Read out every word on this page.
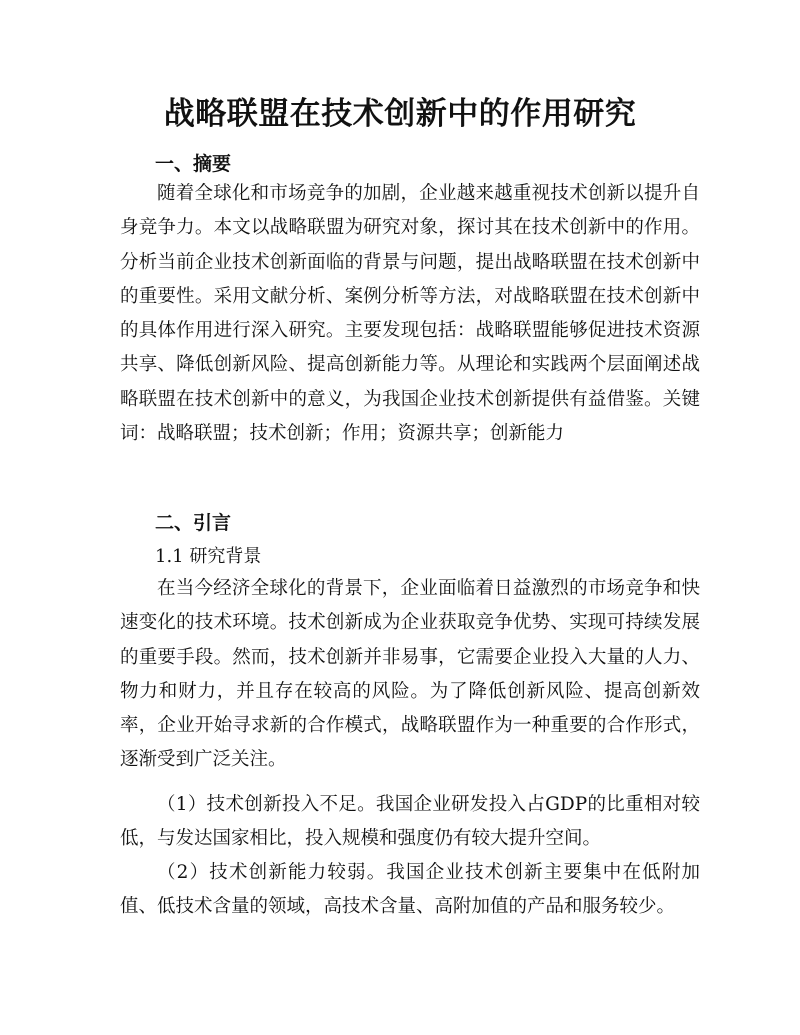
战略联盟在技术创新中的作用研究
一、摘要

随着全球化和市场竞争的加剧，企业越来越重视技术创新以提升自身竞争力。本文以战略联盟为研究对象，探讨其在技术创新中的作用。分析当前企业技术创新面临的背景与问题，提出战略联盟在技术创新中的重要性。采用文献分析、案例分析等方法，对战略联盟在技术创新中的具体作用进行深入研究。主要发现包括：战略联盟能够促进技术资源共享、降低创新风险、提高创新能力等。从理论和实践两个层面阐述战略联盟在技术创新中的意义，为我国企业技术创新提供有益借鉴。关键词：战略联盟；技术创新；作用；资源共享；创新能力

二、引言
1.1 研究背景

在当今经济全球化的背景下，企业面临着日益激烈的市场竞争和快速变化的技术环境。技术创新成为企业获取竞争优势、实现可持续发展的重要手段。然而，技术创新并非易事，它需要企业投入大量的人力、物力和财力，并且存在较高的风险。为了降低创新风险、提高创新效率，企业开始寻求新的合作模式，战略联盟作为一种重要的合作形式，逐渐受到广泛关注。

（1）技术创新投入不足。我国企业研发投入占GDP的比重相对较低，与发达国家相比，投入规模和强度仍有较大提升空间。

（2）技术创新能力较弱。我国企业技术创新主要集中在低附加值、低技术含量的领域，高技术含量、高附加值的产品和服务较少。
